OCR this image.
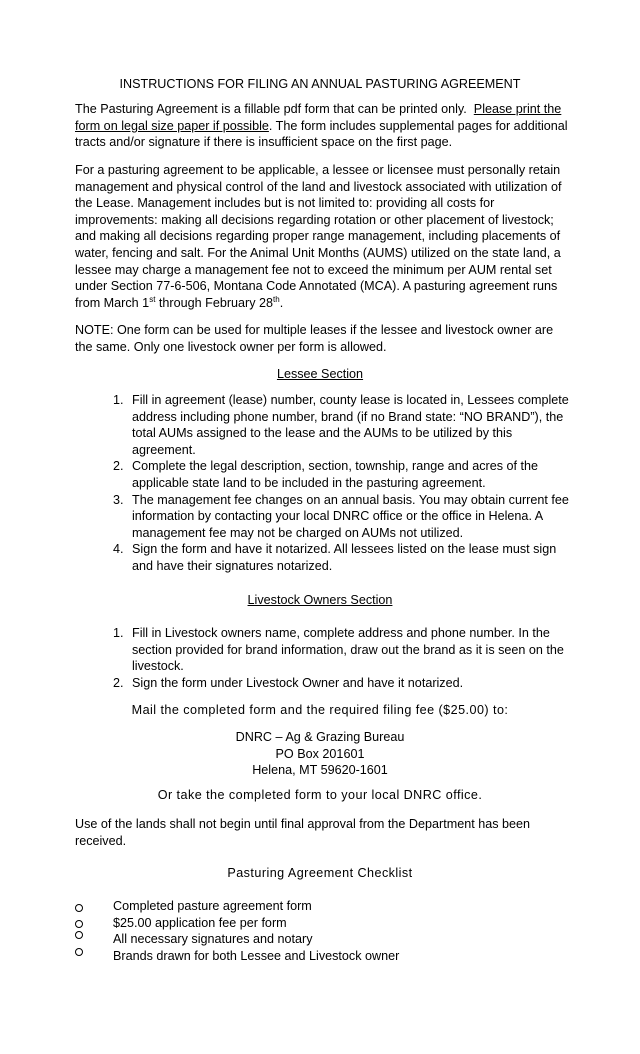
INSTRUCTIONS FOR FILING AN ANNUAL PASTURING AGREEMENT
The Pasturing Agreement is a fillable pdf form that can be printed only. Please print the form on legal size paper if possible. The form includes supplemental pages for additional tracts and/or signature if there is insufficient space on the first page.
For a pasturing agreement to be applicable, a lessee or licensee must personally retain management and physical control of the land and livestock associated with utilization of the Lease. Management includes but is not limited to: providing all costs for improvements: making all decisions regarding rotation or other placement of livestock; and making all decisions regarding proper range management, including placements of water, fencing and salt. For the Animal Unit Months (AUMS) utilized on the state land, a lessee may charge a management fee not to exceed the minimum per AUM rental set under Section 77-6-506, Montana Code Annotated (MCA). A pasturing agreement runs from March 1st through February 28th.
NOTE: One form can be used for multiple leases if the lessee and livestock owner are the same. Only one livestock owner per form is allowed.
Lessee Section
1. Fill in agreement (lease) number, county lease is located in, Lessees complete address including phone number, brand (if no Brand state: “NO BRAND”), the total AUMs assigned to the lease and the AUMs to be utilized by this agreement.
2. Complete the legal description, section, township, range and acres of the applicable state land to be included in the pasturing agreement.
3. The management fee changes on an annual basis. You may obtain current fee information by contacting your local DNRC office or the office in Helena. A management fee may not be charged on AUMs not utilized.
4. Sign the form and have it notarized. All lessees listed on the lease must sign and have their signatures notarized.
Livestock Owners Section
1. Fill in Livestock owners name, complete address and phone number. In the section provided for brand information, draw out the brand as it is seen on the livestock.
2. Sign the form under Livestock Owner and have it notarized.
Mail the completed form and the required filing fee ($25.00) to:
DNRC – Ag & Grazing Bureau
PO Box 201601
Helena, MT 59620-1601
Or take the completed form to your local DNRC office.
Use of the lands shall not begin until final approval from the Department has been received.
Pasturing Agreement Checklist
Completed pasture agreement form
$25.00 application fee per form
All necessary signatures and notary
Brands drawn for both Lessee and Livestock owner
